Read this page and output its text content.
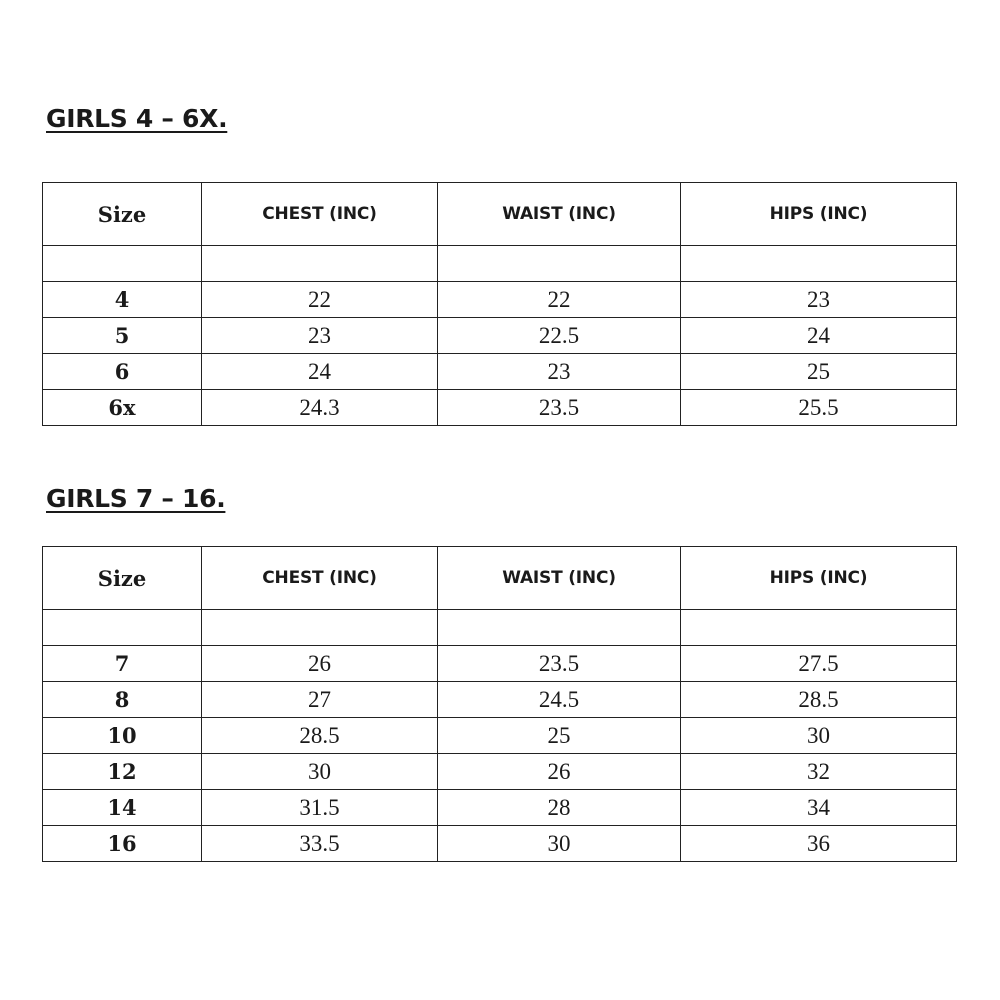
GIRLS 4 – 6X.
Size	CHEST (INC)	WAIST (INC)	HIPS (INC)

4	22	22	23
5	23	22.5	24
6	24	23	25
6x	24.3	23.5	25.5
GIRLS 7 – 16.
Size	CHEST (INC)	WAIST (INC)	HIPS (INC)

7	26	23.5	27.5
8	27	24.5	28.5
10	28.5	25	30
12	30	26	32
14	31.5	28	34
16	33.5	30	36
